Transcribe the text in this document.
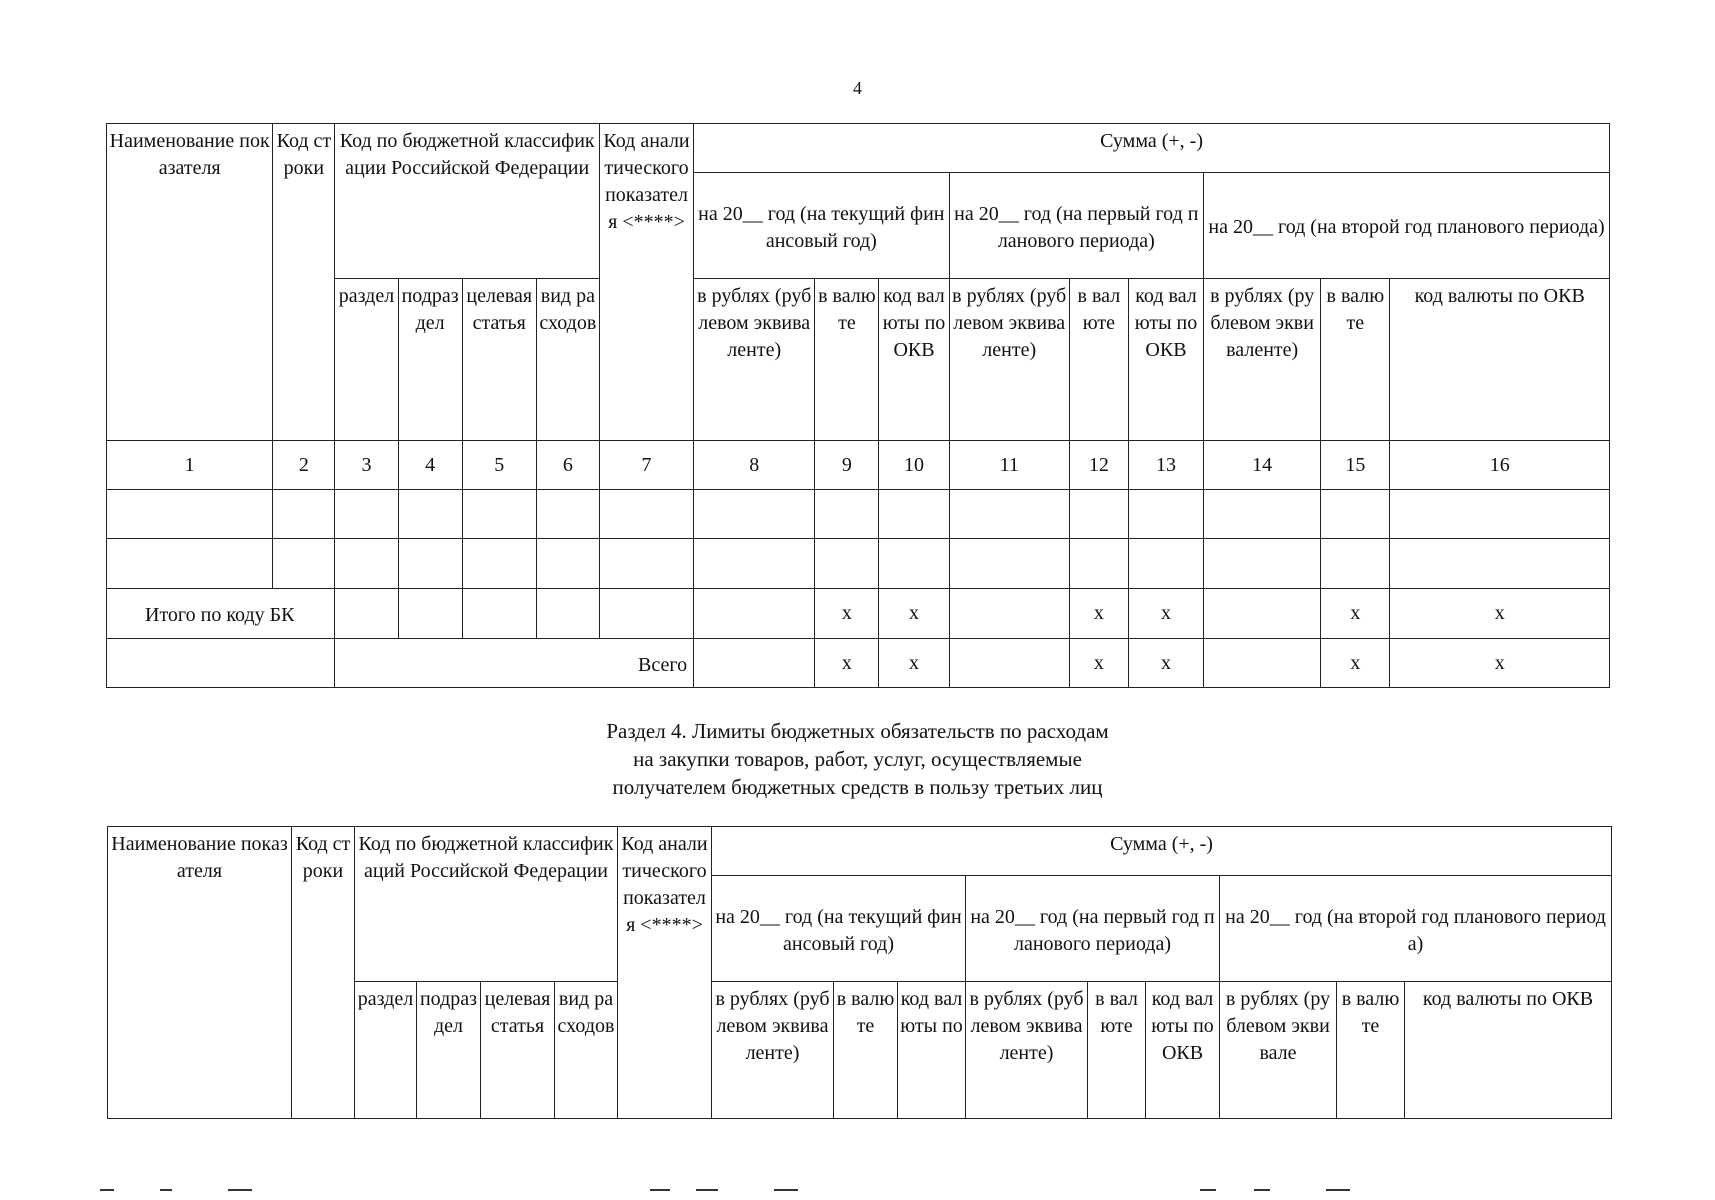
4
Наименование показателя	Код строки	Код по бюджетной классификации Российской Федерации				Код аналитического показателя <****>	Сумма (+, -)								
							на 20__ год (на текущий финансовый год)			на 20__ год (на первый год планового периода)			на 20__ год (на второй год планового периода)		
		раздел	подраздел	целевая статья	вид расходов		в рублях (рублевом эквиваленте)	в валюте	код валюты по ОКВ	в рублях (рублевом эквиваленте)	в валюте	код валюты по ОКВ	в рублях (рублевом эквиваленте)	в валюте	код валюты по ОКВ
1	2	3	4	5	6	7	8	9	10	11	12	13	14	15	16

Итого по коду БК								x	x		x	x		x	x
		Всего						x	x		x	x		x	x
Раздел 4. Лимиты бюджетных обязательств по расходам
на закупки товаров, работ, услуг, осуществляемые
получателем бюджетных средств в пользу третьих лиц
Наименование показателя	Код строки	Код по бюджетной классификаций Российской Федерации				Код аналитического показателя <****>	Сумма (+, -)								
							на 20__ год (на текущий финансовый год)			на 20__ год (на первый год планового периода)			на 20__ год (на второй год планового периода)		
		раздел	подраздел	целевая статья	вид расходов		в рублях (рублевом эквиваленте)	в валюте	код валюты по	в рублях (рублевом эквиваленте)	в валюте	код валюты по ОКВ	в рублях (рублевом эквивале	в валюте	код валюты по ОКВ
